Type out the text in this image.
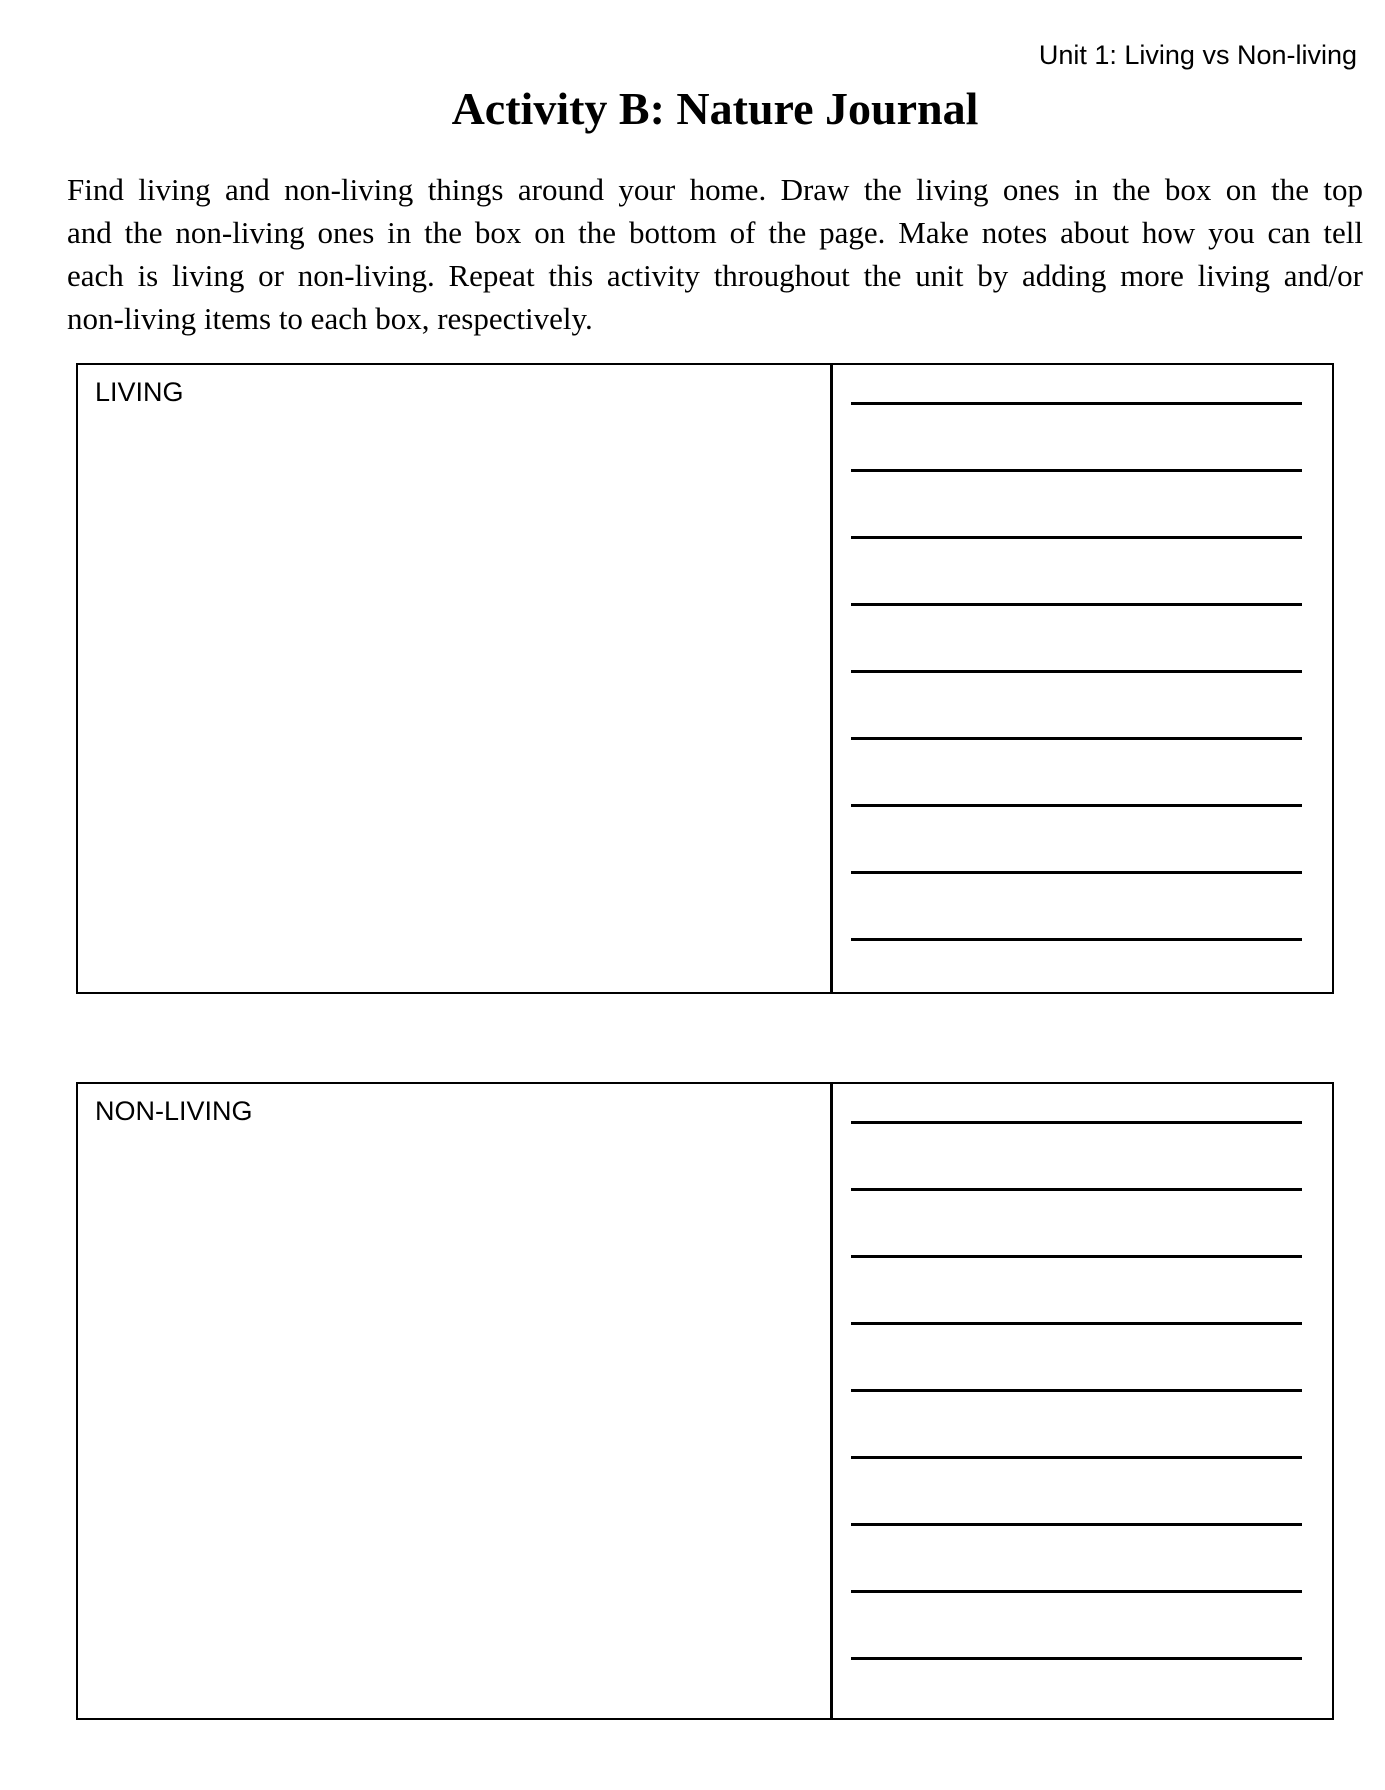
Unit 1: Living vs Non-living
Activity B: Nature Journal
Find living and non-living things around your home. Draw the living ones in the box on the top
and the non-living ones in the box on the bottom of the page. Make notes about how you can tell
each is living or non-living. Repeat this activity throughout the unit by adding more living and/or
non-living items to each box, respectively.
LIVING
NON-LIVING
